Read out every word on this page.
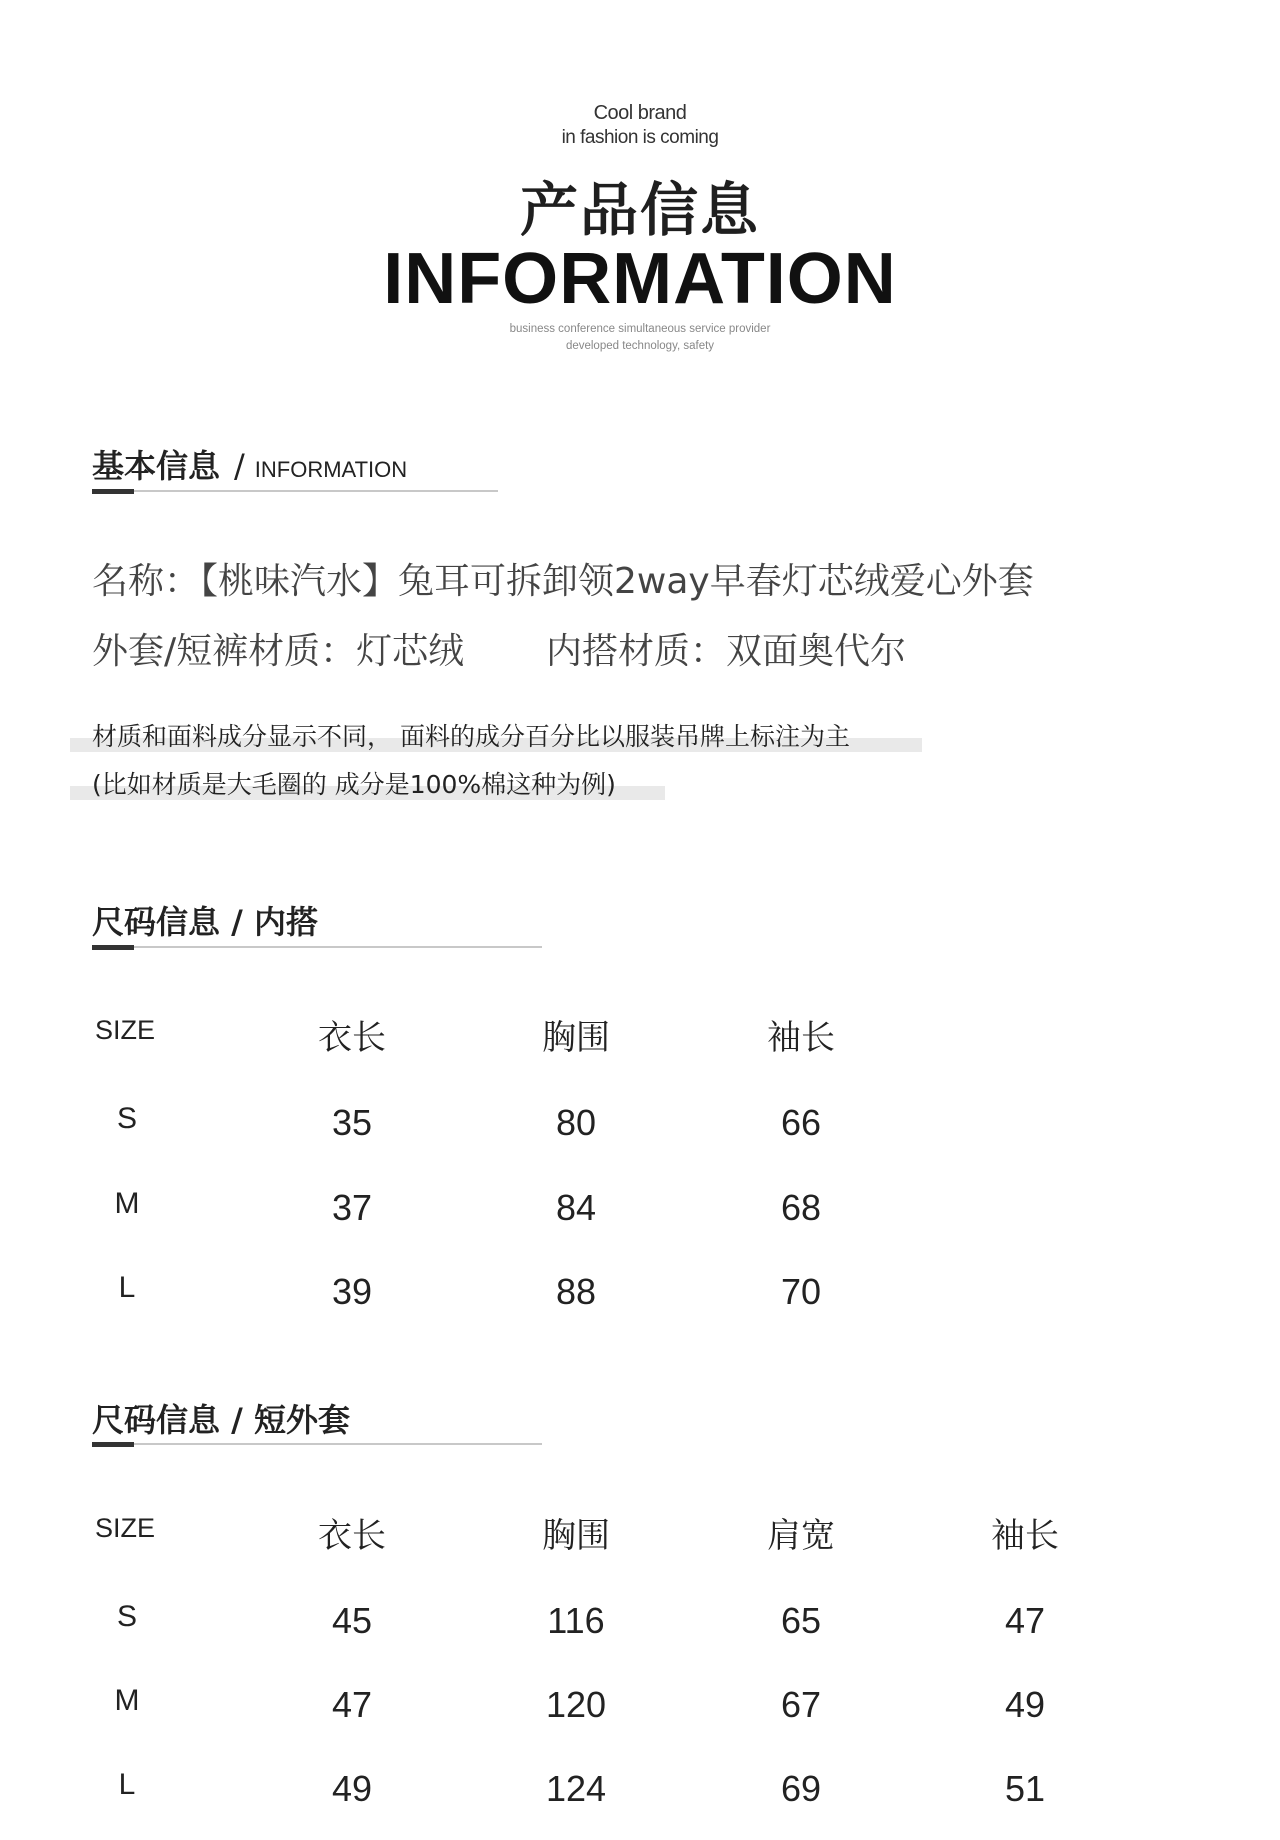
Cool brand
in fashion is coming
产品信息
INFORMATION
business conference simultaneous service provider
developed technology, safety
基本信息 / INFORMATION
名称：【桃味汽水】兔耳可拆卸领2way早春灯芯绒爱心外套
外套/短裤材质：灯芯绒 内搭材质：双面奥代尔
材质和面料成分显示不同， 面料的成分百分比以服装吊牌上标注为主
(比如材质是大毛圈的 成分是100%棉这种为例)
尺码信息 / 内搭
SIZE	衣长	胸围	袖长
S	35	80	66
M	37	84	68
L	39	88	70
尺码信息 / 短外套
SIZE	衣长	胸围	肩宽	袖长
S	45	116	65	47
M	47	120	67	49
L	49	124	69	51
